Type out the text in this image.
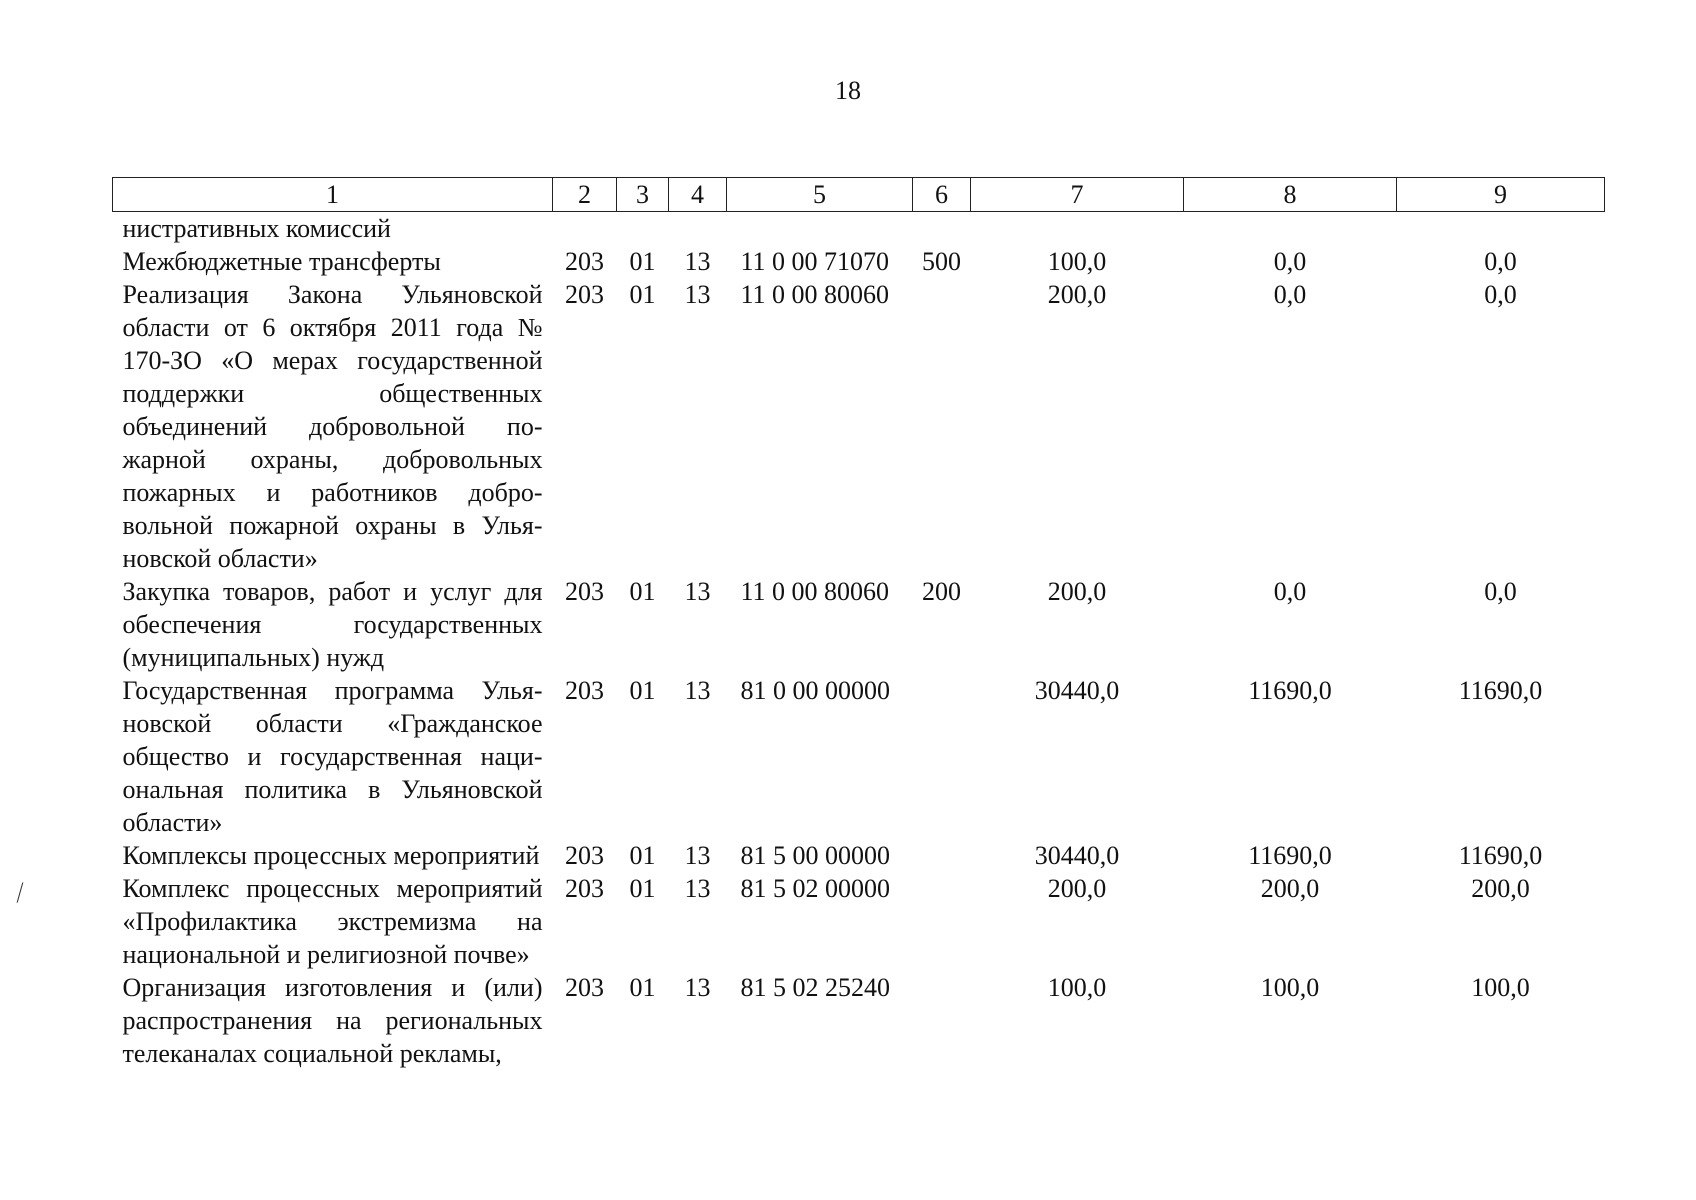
18
⁄
1	2	3	4	5	6	7	8	9
нистративных комиссий								
Межбюджетные трансферты	203	01	13	11 0 00 71070	500	100,0	0,0	0,0
Реализация Закона Ульяновской области от 6 октября 2011 года № 170-ЗО «О мерах государственной поддержки общественных объединений добровольной пожарной охраны, добровольных пожарных и работников добровольной пожарной охраны в Ульяновской области»	203	01	13	11 0 00 80060		200,0	0,0	0,0
Закупка товаров, работ и услуг для обеспечения государственных (муниципальных) нужд	203	01	13	11 0 00 80060	200	200,0	0,0	0,0
Государственная программа Ульяновской области «Гражданское общество и государственная национальная политика в Ульяновской области»	203	01	13	81 0 00 00000		30440,0	11690,0	11690,0
Комплексы процессных мероприятий	203	01	13	81 5 00 00000		30440,0	11690,0	11690,0
Комплекс процессных мероприятий «Профилактика экстремизма на национальной и религиозной почве»	203	01	13	81 5 02 00000		200,0	200,0	200,0
Организация изготовления и (или) распространения на региональных телеканалах социальной рекламы,	203	01	13	81 5 02 25240		100,0	100,0	100,0
